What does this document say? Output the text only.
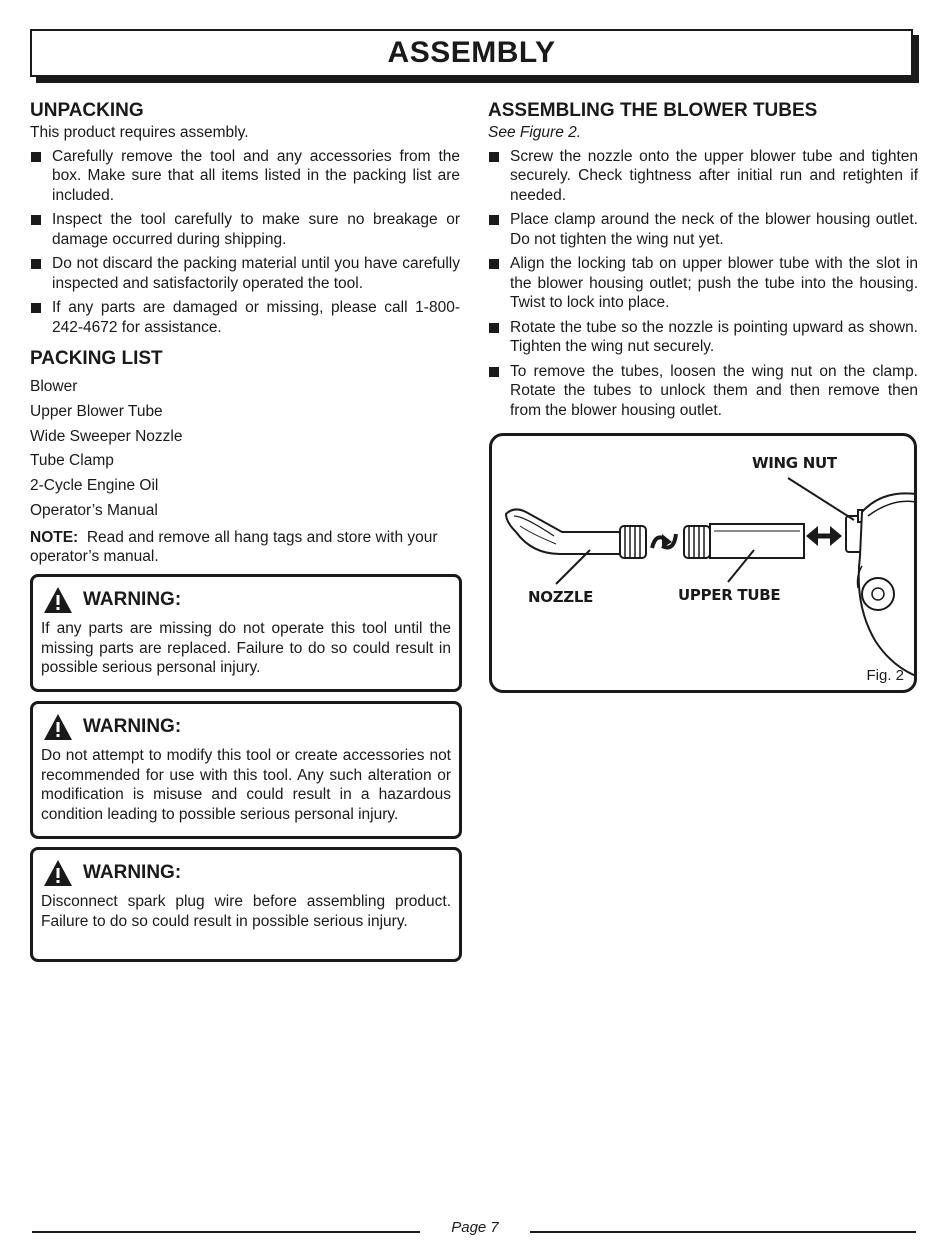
ASSEMBLY
UNPACKING

This product requires assembly.

Carefully remove the tool and any accessories from the box. Make sure that all items listed in the packing list are included.
Inspect the tool carefully to make sure no breakage or damage occurred during shipping.
Do not discard the packing material until you have carefully inspected and satisfactorily operated the tool.
If any parts are damaged or missing, please call 1-800-242-4672 for assistance.
PACKING LIST
Blower
Upper Blower Tube
Wide Sweeper Nozzle
Tube Clamp
2-Cycle Engine Oil
Operator’s Manual
NOTE: Read and remove all hang tags and store with your operator’s manual.
WARNING:
If any parts are missing do not operate this tool until the missing parts are replaced. Failure to do so could result in possible serious personal injury.
WARNING:
Do not attempt to modify this tool or create accessories not recommended for use with this tool. Any such alteration or modification is misuse and could result in a hazardous condition leading to possible serious personal injury.
WARNING:
Disconnect spark plug wire before assembling product. Failure to do so could result in possible serious injury.
ASSEMBLING THE BLOWER TUBES

See Figure 2.

Screw the nozzle onto the upper blower tube and tighten securely. Check tightness after initial run and retighten if needed.
Place clamp around the neck of the blower housing outlet. Do not tighten the wing nut yet.
Align the locking tab on upper blower tube with the slot in the blower housing outlet; push the tube into the housing. Twist to lock into place.
Rotate the tube so the nozzle is pointing upward as shown. Tighten the wing nut securely.
To remove the tubes, loosen the wing nut on the clamp. Rotate the tubes to unlock them and then remove then from the blower housing outlet.
WING NUT
NOZZLE	UPPER TUBE
Fig. 2
Page 7
